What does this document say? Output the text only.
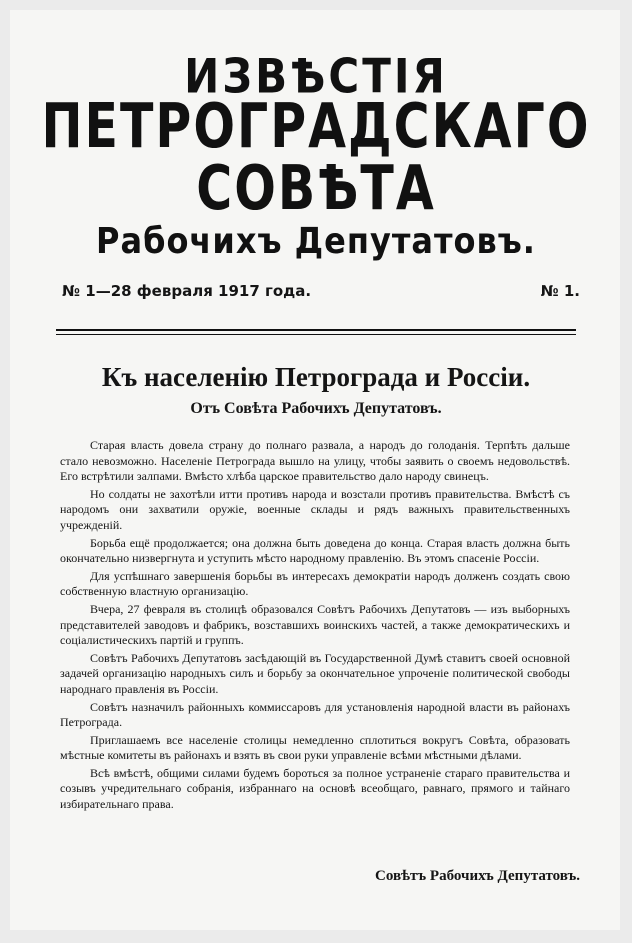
ИЗВѢСТІЯ
ПЕТРОГРАДСКАГО
СОВѢТА
Рабочихъ Депутатовъ.
№ 1—28 февраля 1917 года.	№ 1.
Къ населенію Петрограда и Россіи.
Отъ Совѣта Рабочихъ Депутатовъ.

Старая власть довела страну до полнаго развала, а народъ до голоданія. Терпѣть дальше стало невозможно. Населеніе Петрограда вышло на улицу, чтобы заявить о своемъ недовольствѣ. Его встрѣтили залпами. Вмѣсто хлѣба царское правительство дало народу свинецъ.

Но солдаты не захотѣли итти противъ народа и возстали противъ правительства. Вмѣстѣ съ народомъ они захватили оружіе, военные склады и рядъ важныхъ правительственныхъ учрежденій.

Борьба ещё продолжается; она должна быть доведена до конца. Старая власть должна быть окончательно низвергнута и уступить мѣсто народному правленію. Въ этомъ спасеніе Россіи.

Для успѣшнаго завершенія борьбы въ интересахъ демократіи народъ долженъ создать свою собственную властную организацію.

Вчера, 27 февраля въ столицѣ образовался Совѣтъ Рабочихъ Депутатовъ — изъ выборныхъ представителей заводовъ и фабрикъ, возставшихъ воинскихъ частей, а также демократическихъ и соціалистическихъ партій и группъ.

Совѣтъ Рабочихъ Депутатовъ засѣдающій въ Государственной Думѣ ставитъ своей основной задачей организацію народныхъ силъ и борьбу за окончательное упроченіе политической свободы народнаго правленія въ Россіи.

Совѣтъ назначилъ районныхъ коммиссаровъ для установленія народной власти въ районахъ Петрограда.

Приглашаемъ все населеніе столицы немедленно сплотиться вокругъ Совѣта, образовать мѣстные комитеты въ районахъ и взять въ свои руки управленіе всѣми мѣстными дѣлами.

Всѣ вмѣстѣ, общими силами будемъ бороться за полное устраненіе стараго правительства и созывъ учредительнаго собранія, избраннаго на основѣ всеобщаго, равнаго, прямого и тайнаго избирательнаго права.

Совѣтъ Рабочихъ Депутатовъ.
